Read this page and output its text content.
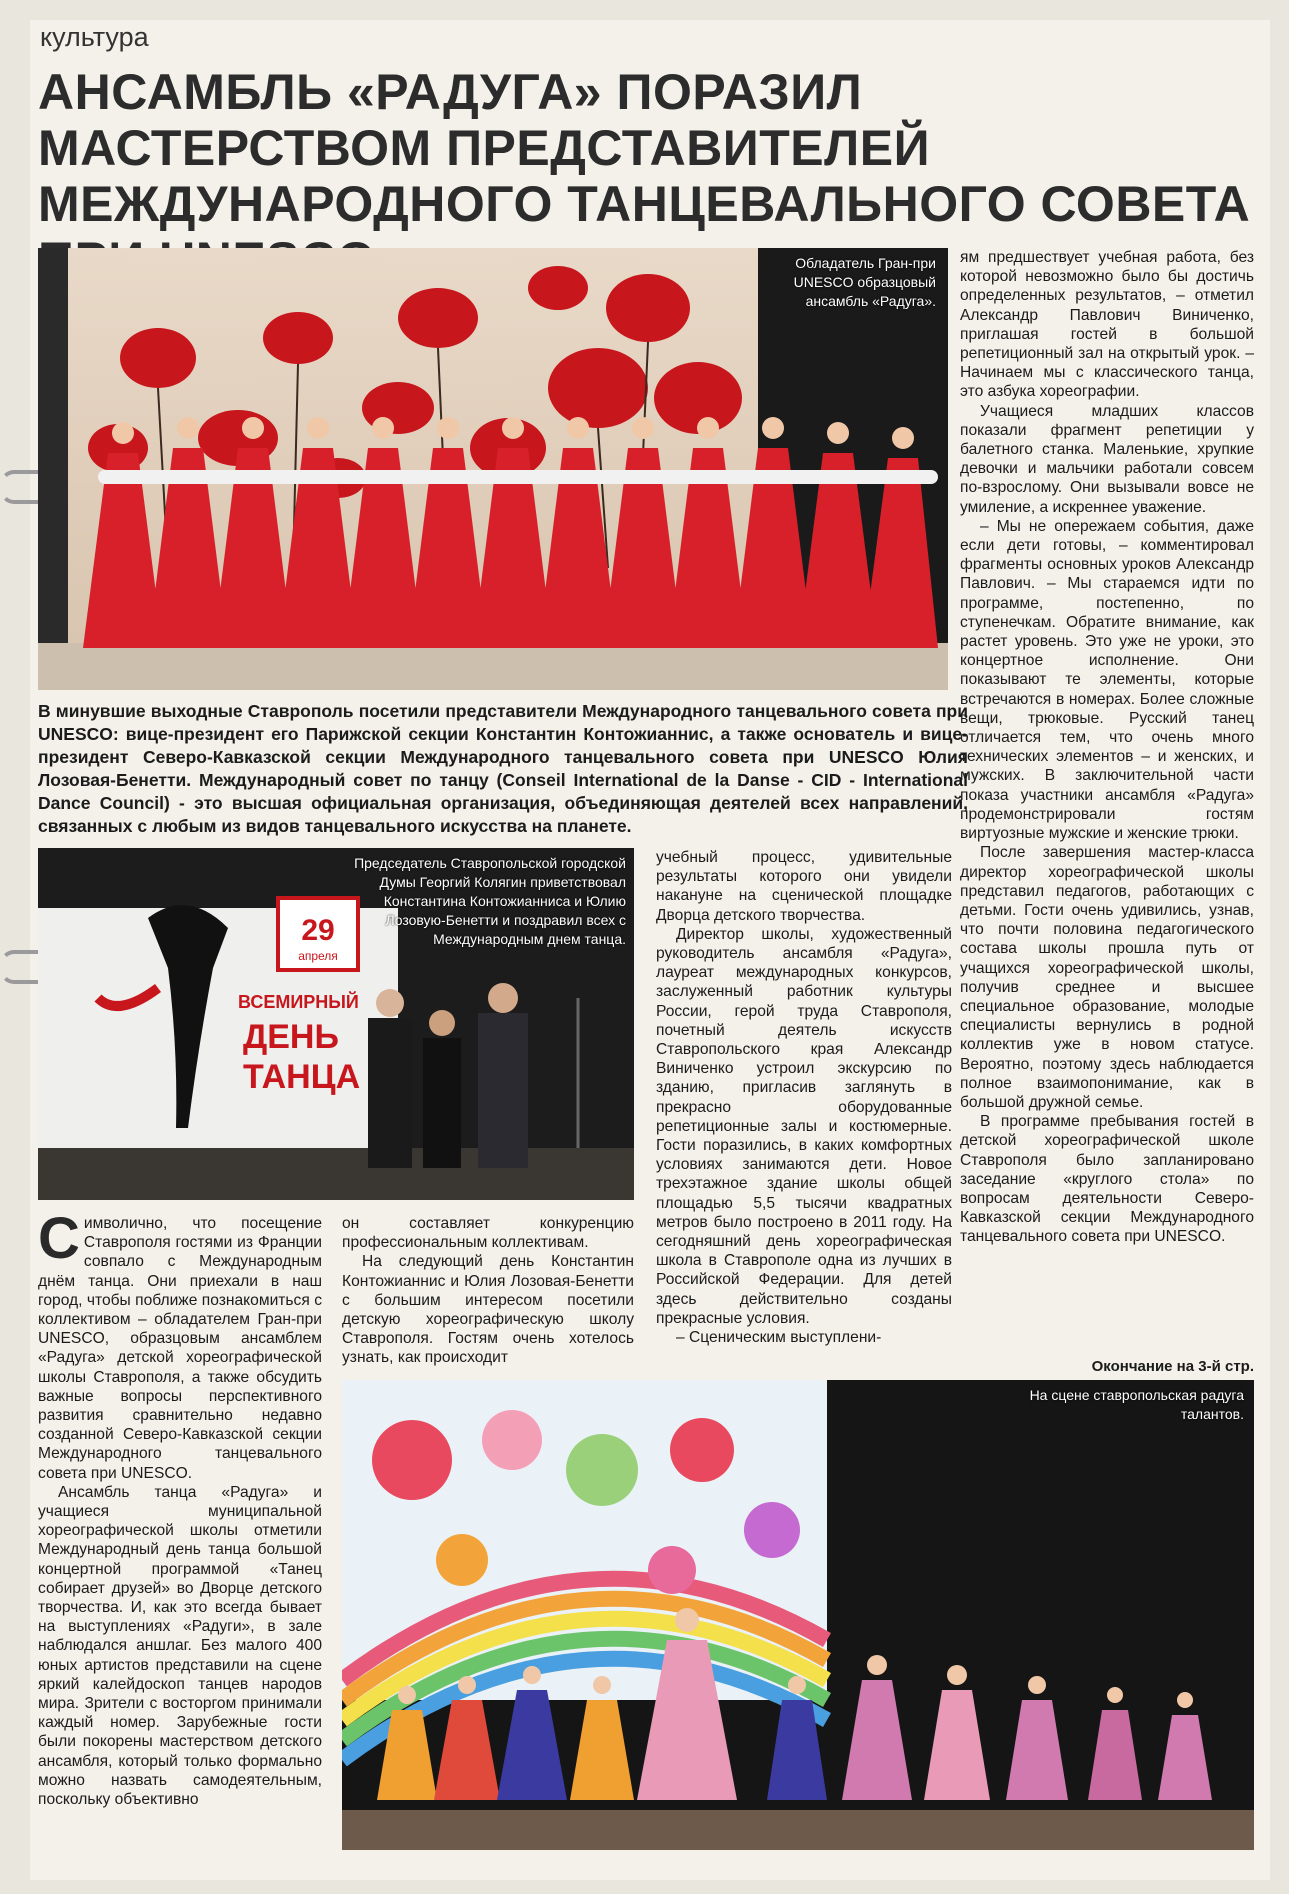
культура
АНСАМБЛЬ «РАДУГА» ПОРАЗИЛ МАСТЕРСТВОМ ПРЕДСТАВИТЕЛЕЙ МЕЖДУНАРОДНОГО ТАНЦЕВАЛЬНОГО СОВЕТА
Обладатель Гран-при UNESCO образцовый ансамбль «Радуга».
В минувшие выходные Ставрополь посетили представители Международного танцевального совета при UNESCO: вице-президент его Парижской секции Константин Контожианнис, а также основатель и вице-президент Северо-Кавказской секции Международного танцевального совета при UNESCO Юлия Лозовая-Бенетти. Международный совет по танцу (Conseil International de la Danse - CID - International Dance Council) - это высшая официальная организация, объединяющая деятелей всех направлений, связанных с любым из видов танцевального искусства на планете.
29
апреля
ВСЕМИРНЫЙ
ДЕНЬ
ТАНЦА
Председатель Ставропольской городской Думы Георгий Колягин приветствовал Константина Контожианниса и Юлию Лозовую-Бенетти и поздравил всех с Международным днем танца.
На сцене ставропольская радуга талантов.

ям предшествует учебная работа, без которой невозможно было бы достичь определенных результатов, – отметил Александр Павлович Виниченко, приглашая гостей в большой репетиционный зал на открытый урок. – Начинаем мы с классического танца, это азбука хореографии.

Учащиеся младших классов показали фрагмент репетиции у балетного станка. Маленькие, хрупкие девочки и мальчики работали совсем по-взрослому. Они вызывали вовсе не умиление, а искреннее уважение.

– Мы не опережаем события, даже если дети готовы, – комментировал фрагменты основных уроков Александр Павлович. – Мы стараемся идти по программе, постепенно, по ступенечкам. Обратите внимание, как растет уровень. Это уже не уроки, это концертное исполнение. Они показывают те элементы, которые встречаются в номерах. Более сложные вещи, трюковые. Русский танец отличается тем, что очень много технических элементов – и женских, и мужских. В заключительной части показа участники ансамбля «Радуга» продемонстрировали гостям виртуозные мужские и женские трюки.

После завершения мастер-класса директор хореографической школы представил педагогов, работающих с детьми. Гости очень удивились, узнав, что почти половина педагогического состава школы прошла путь от учащихся хореографической школы, получив среднее и высшее специальное образование, молодые специалисты вернулись в родной коллектив уже в новом статусе. Вероятно, поэтому здесь наблюдается полное взаимопонимание, как в большой дружной семье.

В программе пребывания гостей в детской хореографической школе Ставрополя было запланировано заседание «круглого стола» по вопросам деятельности Северо-Кавказской секции Международного танцевального совета при UNESCO.

Окончание на 3-й стр.

учебный процесс, удивительные результаты которого они увидели накануне на сценической площадке Дворца детского творчества.

Директор школы, художественный руководитель ансамбля «Радуга», лауреат международных конкурсов, заслуженный работник культуры России, герой труда Ставрополя, почетный деятель искусств Ставропольского края Александр Виниченко устроил экскурсию по зданию, пригласив заглянуть в прекрасно оборудованные репетиционные залы и костюмерные. Гости поразились, в каких комфортных условиях занимаются дети. Новое трехэтажное здание школы общей площадью 5,5 тысячи квадратных метров было построено в 2011 году. На сегодняшний день хореографическая школа в Ставрополе одна из лучших в Российской Федерации. Для детей здесь действительно созданы прекрасные условия.

– Сценическим выступлени-

он составляет конкуренцию профессиональным коллективам.

На следующий день Константин Контожианнис и Юлия Лозовая-Бенетти с большим интересом посетили детскую хореографическую школу Ставрополя. Гостям очень хотелось узнать, как происходит

Символично, что посещение Ставрополя гостями из Франции совпало с Международным днём танца. Они приехали в наш город, чтобы поближе познакомиться с коллективом – обладателем Гран-при UNESCO, образцовым ансамблем «Радуга» детской хореографической школы Ставрополя, а также обсудить важные вопросы перспективного развития сравнительно недавно созданной Северо-Кавказской секции Международного танцевального совета при UNESCO.

Ансамбль танца «Радуга» и учащиеся муниципальной хореографической школы отметили Международный день танца большой концертной программой «Танец собирает друзей» во Дворце детского творчества. И, как это всегда бывает на выступлениях «Радуги», в зале наблюдался аншлаг. Без малого 400 юных артистов представили на сцене яркий калейдоскоп танцев народов мира. Зрители с восторгом принимали каждый номер. Зарубежные гости были покорены мастерством детского ансамбля, который только формально можно назвать самодеятельным, поскольку объективно
